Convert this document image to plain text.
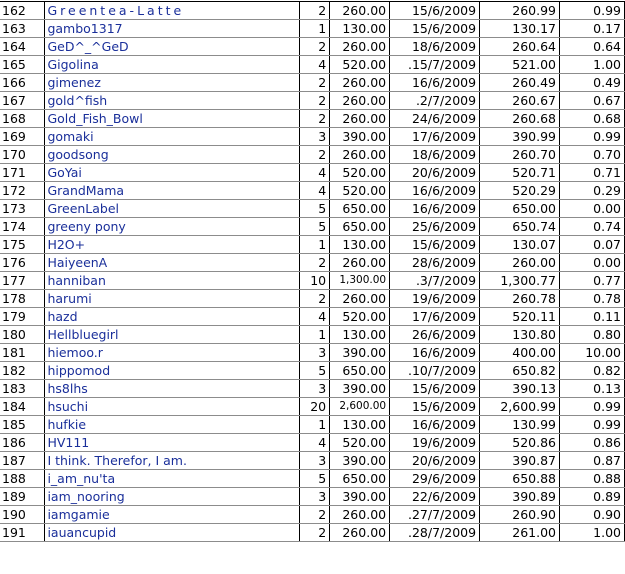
162	Greentea-Latte	2	260.00	15/6/2009	260.99	0.99
163	gambo1317	1	130.00	15/6/2009	130.17	0.17
164	GeD^_^GeD	2	260.00	18/6/2009	260.64	0.64
165	Gigolina	4	520.00	.15/7/2009	521.00	1.00
166	gimenez	2	260.00	16/6/2009	260.49	0.49
167	gold^fish	2	260.00	.2/7/2009	260.67	0.67
168	Gold_Fish_Bowl	2	260.00	24/6/2009	260.68	0.68
169	gomaki	3	390.00	17/6/2009	390.99	0.99
170	goodsong	2	260.00	18/6/2009	260.70	0.70
171	GoYai	4	520.00	20/6/2009	520.71	0.71
172	GrandMama	4	520.00	16/6/2009	520.29	0.29
173	GreenLabel	5	650.00	16/6/2009	650.00	0.00
174	greeny pony	5	650.00	25/6/2009	650.74	0.74
175	H2O+	1	130.00	15/6/2009	130.07	0.07
176	HaiyeenA	2	260.00	28/6/2009	260.00	0.00
177	hanniban	10	1,300.00	.3/7/2009	1,300.77	0.77
178	harumi	2	260.00	19/6/2009	260.78	0.78
179	hazd	4	520.00	17/6/2009	520.11	0.11
180	Hellbluegirl	1	130.00	26/6/2009	130.80	0.80
181	hiemoo.r	3	390.00	16/6/2009	400.00	10.00
182	hippomod	5	650.00	.10/7/2009	650.82	0.82
183	hs8lhs	3	390.00	15/6/2009	390.13	0.13
184	hsuchi	20	2,600.00	15/6/2009	2,600.99	0.99
185	hufkie	1	130.00	16/6/2009	130.99	0.99
186	HV111	4	520.00	19/6/2009	520.86	0.86
187	I think. Therefor, I am.	3	390.00	20/6/2009	390.87	0.87
188	i_am_nu'ta	5	650.00	29/6/2009	650.88	0.88
189	iam_nooring	3	390.00	22/6/2009	390.89	0.89
190	iamgamie	2	260.00	.27/7/2009	260.90	0.90
191	iauancupid	2	260.00	.28/7/2009	261.00	1.00
